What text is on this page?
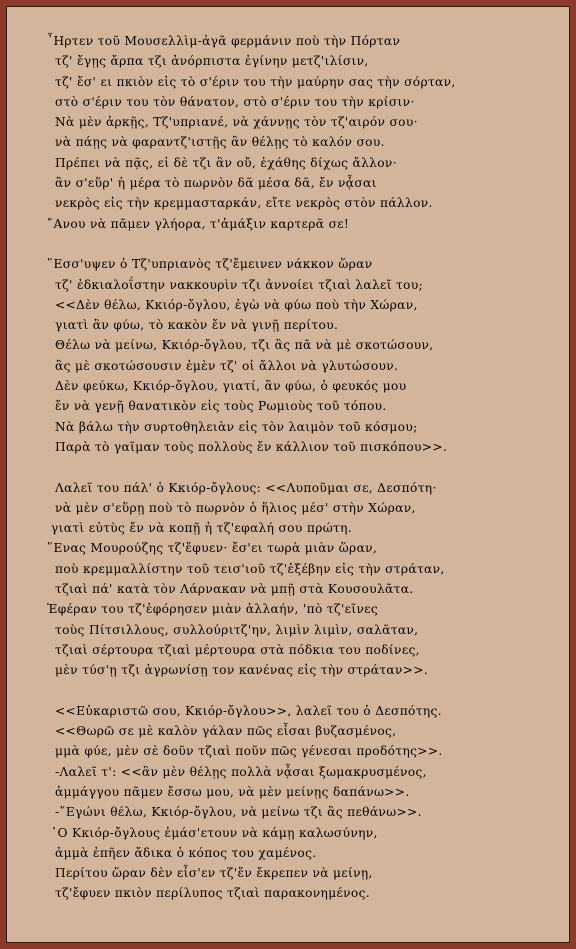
῏Ηρτεν τοῦ Μουσελλὶμ-ἀγᾶ φερμάνιν ποὺ τὴν Πόρταν
τζ' ἔγῃς ἄρπα τζι ἀνόρπιστα ἐγίνην μετζ'ιλίσιν,
τζ' ἔσ' ει πκιὸν εἰς τὸ σ'έριν του τὴν μαύρην σας τὴν σόρταν,
στὸ σ'έριν του τὸν θάνατον, στὸ σ'έριν του τὴν κρίσιν·
Νὰ μὲν ἀρκῇς, Τζ'υπριανέ, νὰ χάννῃς τὸν τζ'αιρόν σου·
νὰ πάῃς νὰ φαραντζ'ιστῇς ἂν θέλῃς τὸ καλόν σου.
Πρέπει νὰ πᾷς, εἰ δὲ τζι ἂν οὔ, ἐχάθης δίχως ἄλλον·
ἂν σ'εὕρ' ἡ μέρα τὸ πωρνὸν δᾶ μέσα δᾶ, ἔν νᾆσαι
νεκρὸς εἰς τὴν κρεμμασταρκάν, εἴτε νεκρὸς στὸν πάλλον.
῎Ανου νὰ πᾶμεν γλήορα, τ'ἀμάξιν καρτερᾶ σε!
῞Εσσ'υψεν ὁ Τζ'υπριανὸς τζ'ἔμεινεν νάκκον ὥραν
τζ' ἐδκιαλοΐστην νακκουρὶν τζι ἀννοίει τζιαὶ λαλεῖ του;
<<Δὲν θέλω, Κκιόρ-ὄγλου, ἐγὼ νὰ φύω ποὺ τὴν Χώραν,
γιατὶ ἂν φύω, τὸ κακὸν ἔν νὰ γινῇ περίτου.
Θέλω νὰ μείνω, Κκιόρ-ὄγλου, τζι ἂς πᾶ νὰ μὲ σκοτώσουν,
ἂς μὲ σκοτώσουσιν ἐμὲν τζ' οἱ ἄλλοι νὰ γλυτώσουν.
Δὲν φεύκω, Κκιόρ-ὄγλου, γιατί, ἂν φύω, ὁ φευκός μου
ἔν νὰ γενῇ θανατικὸν εἰς τοὺς Ρωμιοὺς τοῦ τόπου.
Νὰ βάλω τὴν συρτοθηλειὰν εἰς τὸν λαιμὸν τοῦ κόσμου;
Παρὰ τὸ γαῖμαν τοὺς πολλοὺς ἔν κάλλιον τοῦ πισκόπου>>.
Λαλεῖ του πάλ' ὁ Κκιόρ-ὄγλους: <<Λυποῦμαι σε, Δεσπότη·
νὰ μὲν σ'εὕρῃ ποὺ τὸ πωρνὸν ὁ ἥλιος μέσ' στὴν Χώραν,
γιατὶ εὐτὺς ἔν νὰ κοπῇ ἡ τζ'εφαλή σου πρώτη.
῞Ενας Μουρούζης τζ'ἔφυεν· ἔσ'ει τωρὰ μιὰν ὥραν,
ποὺ κρεμμαλλίστην τοῦ τεισ'ιοῦ τζ'ἐξέβην εἰς τὴν στράταν,
τζιαὶ πά' κατὰ τὸν Λάρνακαν νὰ μπῇ στὰ Κουσουλᾶτα.
Ἐφέραν του τζ'ἐφόρησεν μιὰν ἀλλαήν, 'πὸ τζ'εῖνες
τοὺς Πίτσιλλους, συλλούριτζ'ην, λιμὶν λιμὶν, σαλᾶταν,
τζιαὶ σέρτουρα τζιαὶ μέρτουρα στὰ πόδκια του ποδίνες,
μὲν τύσ'ῃ τζι ἀγρωνίσῃ τον κανένας εἰς τὴν στράταν>>.
<<Εὐκαριστῶ σου, Κκιόρ-ὄγλου>>, λαλεῖ του ὁ Δεσπότης.
<<Θωρῶ σε μὲ καλὸν γάλαν πῶς εἶσαι βυζασμένος,
μμὰ φύε, μὲν σὲ δοῦν τζιαὶ ποῦν πῶς γένεσαι προδότης>>.
-Λαλεῖ τ': <<ἂν μὲν θέλῃς πολλὰ νᾆσαι ξωμακρυσμένος,
ἀμμάγγου πᾶμεν ἔσσω μου, νὰ μὲν μείνῃς δαπάνω>>.
-῎Εγώνι θέλω, Κκιόρ-ὄγλου, νὰ μείνω τζι ἂς πεθάνω>>.
῾Ο Κκιόρ-ὄγλους ἐμάσ'ετουν νὰ κάμῃ καλωσύνην,
ἀμμὰ ἐπῆεν ἄδικα ὁ κόπος του χαμένος.
Περίτου ὥραν δὲν εἶσ'εν τζ'ἔν ἔκρεπεν νὰ μείνῃ,
τζ'ἔφυεν πκιὸν περίλυπος τζιαὶ παρακονημένος.
